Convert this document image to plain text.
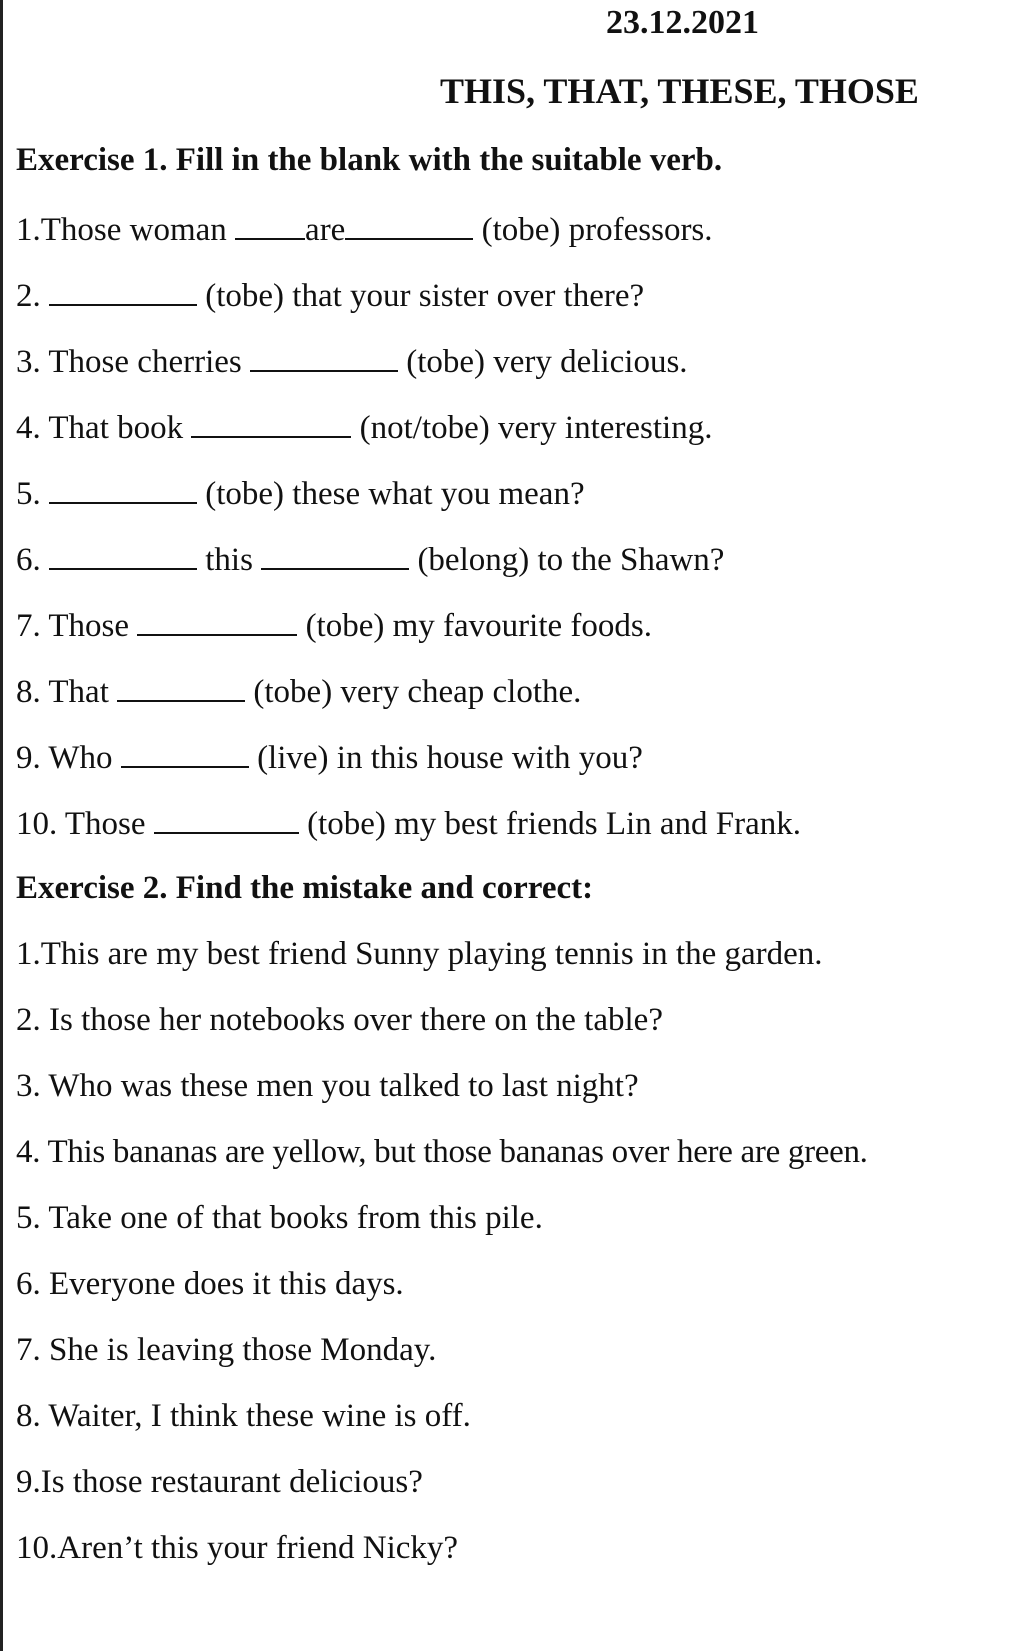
23.12.2021
THIS, THAT, THESE, THOSE
Exercise 1. Fill in the blank with the suitable verb.
1.Those woman are	(tobe) professors.
2.	(tobe) that your sister over there?
3. Those cherries	(tobe) very delicious.
4. That book	(not/tobe) very interesting.
5.	(tobe) these what you mean?
6.	this	(belong) to the Shawn?
7. Those	(tobe) my favourite foods.
8. That	(tobe) very cheap clothe.
9. Who	(live) in this house with you?
10. Those	(tobe) my best friends Lin and Frank.
Exercise 2. Find the mistake and correct:
1.This are my best friend Sunny playing tennis in the garden.
2. Is those her notebooks over there on the table?
3. Who was these men you talked to last night?
4. This bananas are yellow, but those bananas over here are green.
5. Take one of that books from this pile.
6. Everyone does it this days.
7. She is leaving those Monday.
8. Waiter, I think these wine is off.
9.Is those restaurant delicious?
10.Aren’t this your friend Nicky?
